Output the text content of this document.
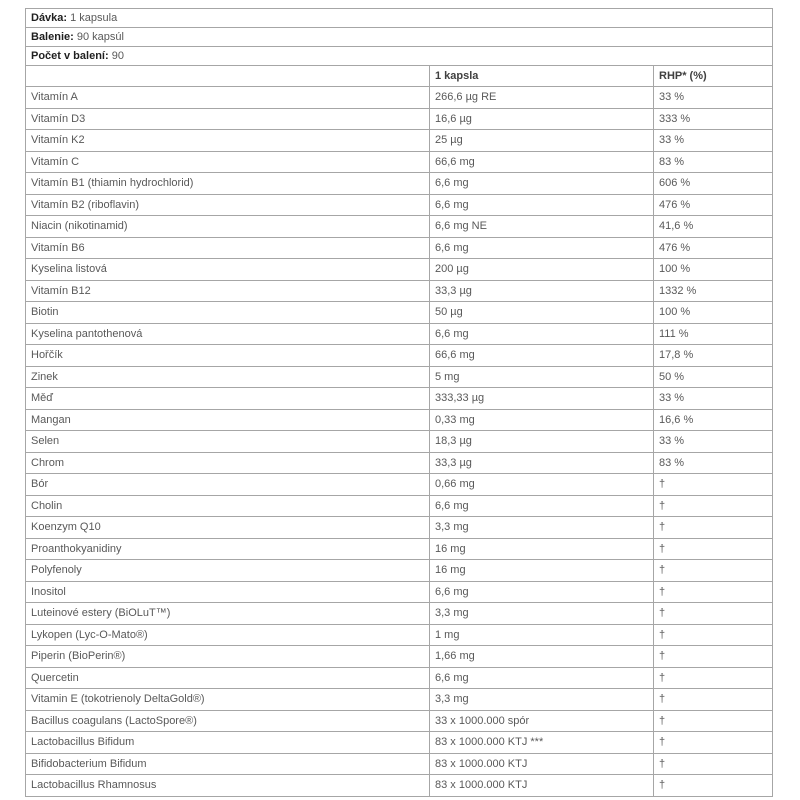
Dávka: 1 kapsula		
Balenie: 90 kapsúl		
Počet v balení: 90		
	1 kapsla	RHP* (%)
Vitamín A	266,6 µg RE	33 %
Vitamín D3	16,6 µg	333 %
Vitamín K2	25 µg	33 %
Vitamín C	66,6 mg	83 %
Vitamín B1 (thiamin hydrochlorid)	6,6 mg	606 %
Vitamín B2 (riboflavin)	6,6 mg	476 %
Niacin (nikotinamid)	6,6 mg NE	41,6 %
Vitamín B6	6,6 mg	476 %
Kyselina listová	200 µg	100 %
Vitamín B12	33,3 µg	1332 %
Biotin	50 µg	100 %
Kyselina pantothenová	6,6 mg	111 %
Hořčík	66,6 mg	17,8 %
Zinek	5 mg	50 %
Měď	333,33 µg	33 %
Mangan	0,33 mg	16,6 %
Selen	18,3 µg	33 %
Chrom	33,3 µg	83 %
Bór	0,66 mg	†
Cholin	6,6 mg	†
Koenzym Q10	3,3 mg	†
Proanthokyanidiny	16 mg	†
Polyfenoly	16 mg	†
Inositol	6,6 mg	†
Luteinové estery (BiOLuT™)	3,3 mg	†
Lykopen (Lyc-O-Mato®)	1 mg	†
Piperin (BioPerin®)	1,66 mg	†
Quercetin	6,6 mg	†
Vitamin E (tokotrienoly DeltaGold®)	3,3 mg	†
Bacillus coagulans (LactoSpore®)	33 x 1000.000 spór	†
Lactobacillus Bifidum	83 x 1000.000 KTJ ***	†
Bifidobacterium Bifidum	83 x 1000.000 KTJ	†
Lactobacillus Rhamnosus	83 x 1000.000 KTJ	†
